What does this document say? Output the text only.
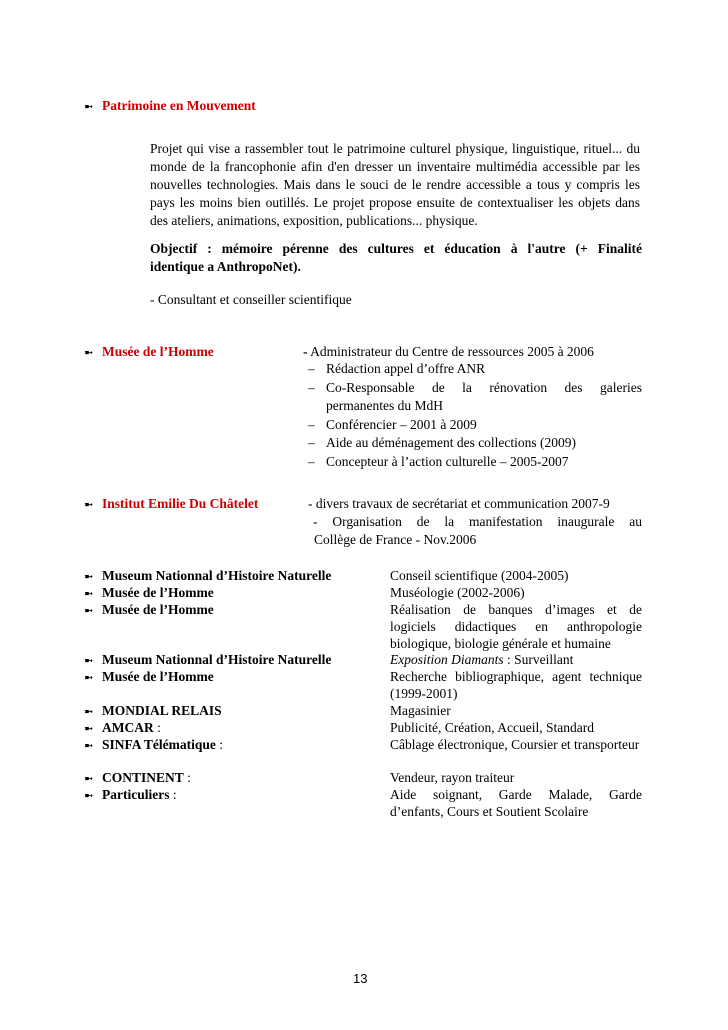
➼ Patrimoine en Mouvement
Projet qui vise a rassembler tout le patrimoine culturel physique, linguistique, rituel... du monde de la francophonie afin d'en dresser un inventaire multimédia accessible par les nouvelles technologies. Mais dans le souci de le rendre accessible a tous y compris les pays les moins bien outillés. Le projet propose ensuite de contextualiser les objets dans des ateliers, animations, exposition, publications... physique.
Objectif : mémoire pérenne des cultures et éducation à l'autre (+ Finalité
identique a AnthropoNet).
- Consultant et conseiller scientifique
➼ Musée de l’Homme	- Administrateur du Centre de ressources 2005 à 2006
– Rédaction appel d’offre ANR
– Co-Responsable de la rénovation des galeries permanentes du MdH
– Conférencier – 2001 à 2009
– Aide au déménagement des collections (2009)
– Concepteur à l’action culturelle – 2005-2007
➼ Institut Emilie Du Châtelet	- divers travaux de secrétariat et communication 2007-9
- Organisation de la manifestation inaugurale au
Collège de France - Nov.2006
➼ Museum Nationnal d’Histoire Naturelle
➼ Musée de l’Homme
➼ Musée de l’Homme
➼ Museum Nationnal d’Histoire Naturelle
➼ Musée de l’Homme
➼ MONDIAL RELAIS
➼ AMCAR :
➼ SINFA Télématique :
➼ CONTINENT :
➼ Particuliers :
Conseil scientifique (2004-2005)
Muséologie (2002-2006)
Réalisation de banques d’images et de logiciels didactiques en anthropologie biologique, biologie générale et humaine
Exposition Diamants : Surveillant
Recherche bibliographique, agent technique (1999-2001)
Magasinier
Publicité, Création, Accueil, Standard
Câblage électronique, Coursier et transporteur
Vendeur, rayon traiteur
Aide soignant, Garde Malade, Garde d’enfants, Cours et Soutient Scolaire
13
